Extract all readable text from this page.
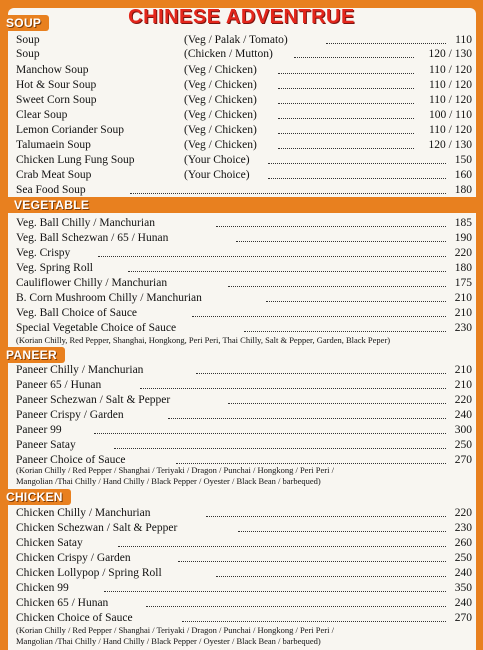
CHINESE ADVENTRUE
SOUP
Soup	(Veg / Palak / Tomato)	110
Soup	(Chicken / Mutton)	120 / 130
Manchow Soup	(Veg / Chicken)	110 / 120
Hot & Sour Soup	(Veg / Chicken)	110 / 120
Sweet Corn Soup	(Veg / Chicken)	110 / 120
Clear Soup	(Veg / Chicken)	100 / 110
Lemon Coriander Soup	(Veg / Chicken)	110 / 120
Talumaein Soup	(Veg / Chicken)	120 / 130
Chicken Lung Fung Soup	(Your Choice)	150
Crab Meat Soup	(Your Choice)	160
Sea Food Soup	180
VEGETABLE
Veg. Ball Chilly / Manchurian	185
Veg. Ball Schezwan / 65 / Hunan	190
Veg. Crispy	220
Veg. Spring Roll	180
Cauliflower Chilly / Manchurian	175
B. Corn Mushroom Chilly / Manchurian	210
Veg. Ball Choice of Sauce	210
Special Vegetable Choice of Sauce	230
(Korian Chilly, Red Pepper, Shanghai, Hongkong, Peri Peri, Thai Chilly, Salt & Pepper, Garden, Black Peper)
PANEER
Paneer Chilly / Manchurian	210
Paneer 65 / Hunan	210
Paneer Schezwan / Salt & Pepper	220
Paneer Crispy / Garden	240
Paneer 99	300
Paneer Satay	250
Paneer Choice of Sauce	270
(Korian Chilly / Red Pepper / Shanghai / Teriyaki / Dragon / Punchai / Hongkong / Peri Peri /
Mangolian /Thai Chilly / Hand Chilly / Black Pepper / Oyester / Black Bean / barbequed)
CHICKEN
Chicken Chilly / Manchurian	220
Chicken Schezwan / Salt & Pepper	230
Chicken Satay	260
Chicken Crispy / Garden	250
Chicken Lollypop / Spring Roll	240
Chicken 99	350
Chicken 65 / Hunan	240
Chicken Choice of Sauce	270
(Korian Chilly / Red Pepper / Shanghai / Teriyaki / Dragon / Punchai / Hongkong / Peri Peri /
Mangolian /Thai Chilly / Hand Chilly / Black Pepper / Oyester / Black Bean / barbequed)
